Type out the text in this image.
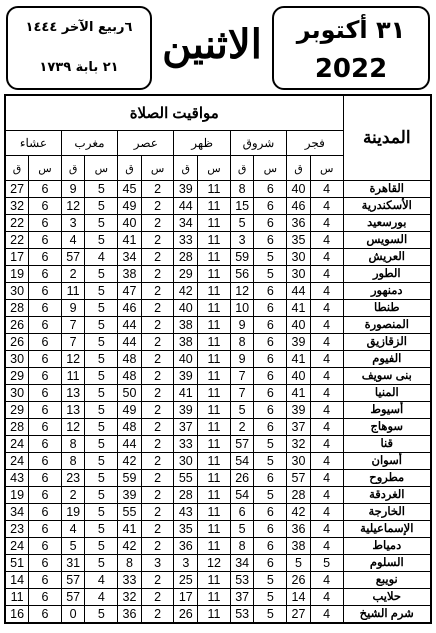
٣١ أكتوبر
2022
الاثنين
٦ربيع الآخر ١٤٤٤
٢١ بابة ١٧٣٩
مواقيت الصلاة												المدينة
عشاء		مغرب		عصر		ظهر		شروق		فجر		
ق	س	ق	س	ق	س	ق	س	ق	س	ق	س	
27	6	9	5	45	2	39	11	8	6	40	4	القاهرة
32	6	12	5	49	2	44	11	15	6	46	4	الأسكندرية
22	6	3	5	40	2	34	11	5	6	36	4	بورسعيد
22	6	4	5	41	2	33	11	3	6	35	4	السويس
17	6	57	4	34	2	28	11	59	5	30	4	العريش
19	6	2	5	38	2	29	11	56	5	30	4	الطور
30	6	11	5	47	2	42	11	12	6	44	4	دمنهور
28	6	9	5	46	2	40	11	10	6	41	4	طنطا
26	6	7	5	44	2	38	11	9	6	40	4	المنصورة
26	6	7	5	44	2	38	11	8	6	39	4	الزقازيق
30	6	12	5	48	2	40	11	9	6	41	4	الفيوم
29	6	11	5	48	2	39	11	7	6	40	4	بنى سويف
30	6	13	5	50	2	41	11	7	6	41	4	المنيا
29	6	13	5	49	2	39	11	5	6	39	4	أسيوط
28	6	12	5	48	2	37	11	2	6	37	4	سوهاج
24	6	8	5	44	2	33	11	57	5	32	4	قنا
24	6	8	5	42	2	30	11	54	5	30	4	أسوان
43	6	23	5	59	2	55	11	26	6	57	4	مطروح
19	6	2	5	39	2	28	11	54	5	28	4	الغردقة
34	6	19	5	55	2	43	11	6	6	42	4	الخارجة
23	6	4	5	41	2	35	11	5	6	36	4	الإسماعيلية
24	6	5	5	42	2	36	11	8	6	38	4	دمياط
51	6	31	5	8	3	3	12	34	6	5	5	السلوم
14	6	57	4	33	2	25	11	53	5	26	4	نويبع
11	6	57	4	32	2	17	11	37	5	14	4	حلايب
16	6	0	5	36	2	26	11	53	5	27	4	شرم الشيخ
